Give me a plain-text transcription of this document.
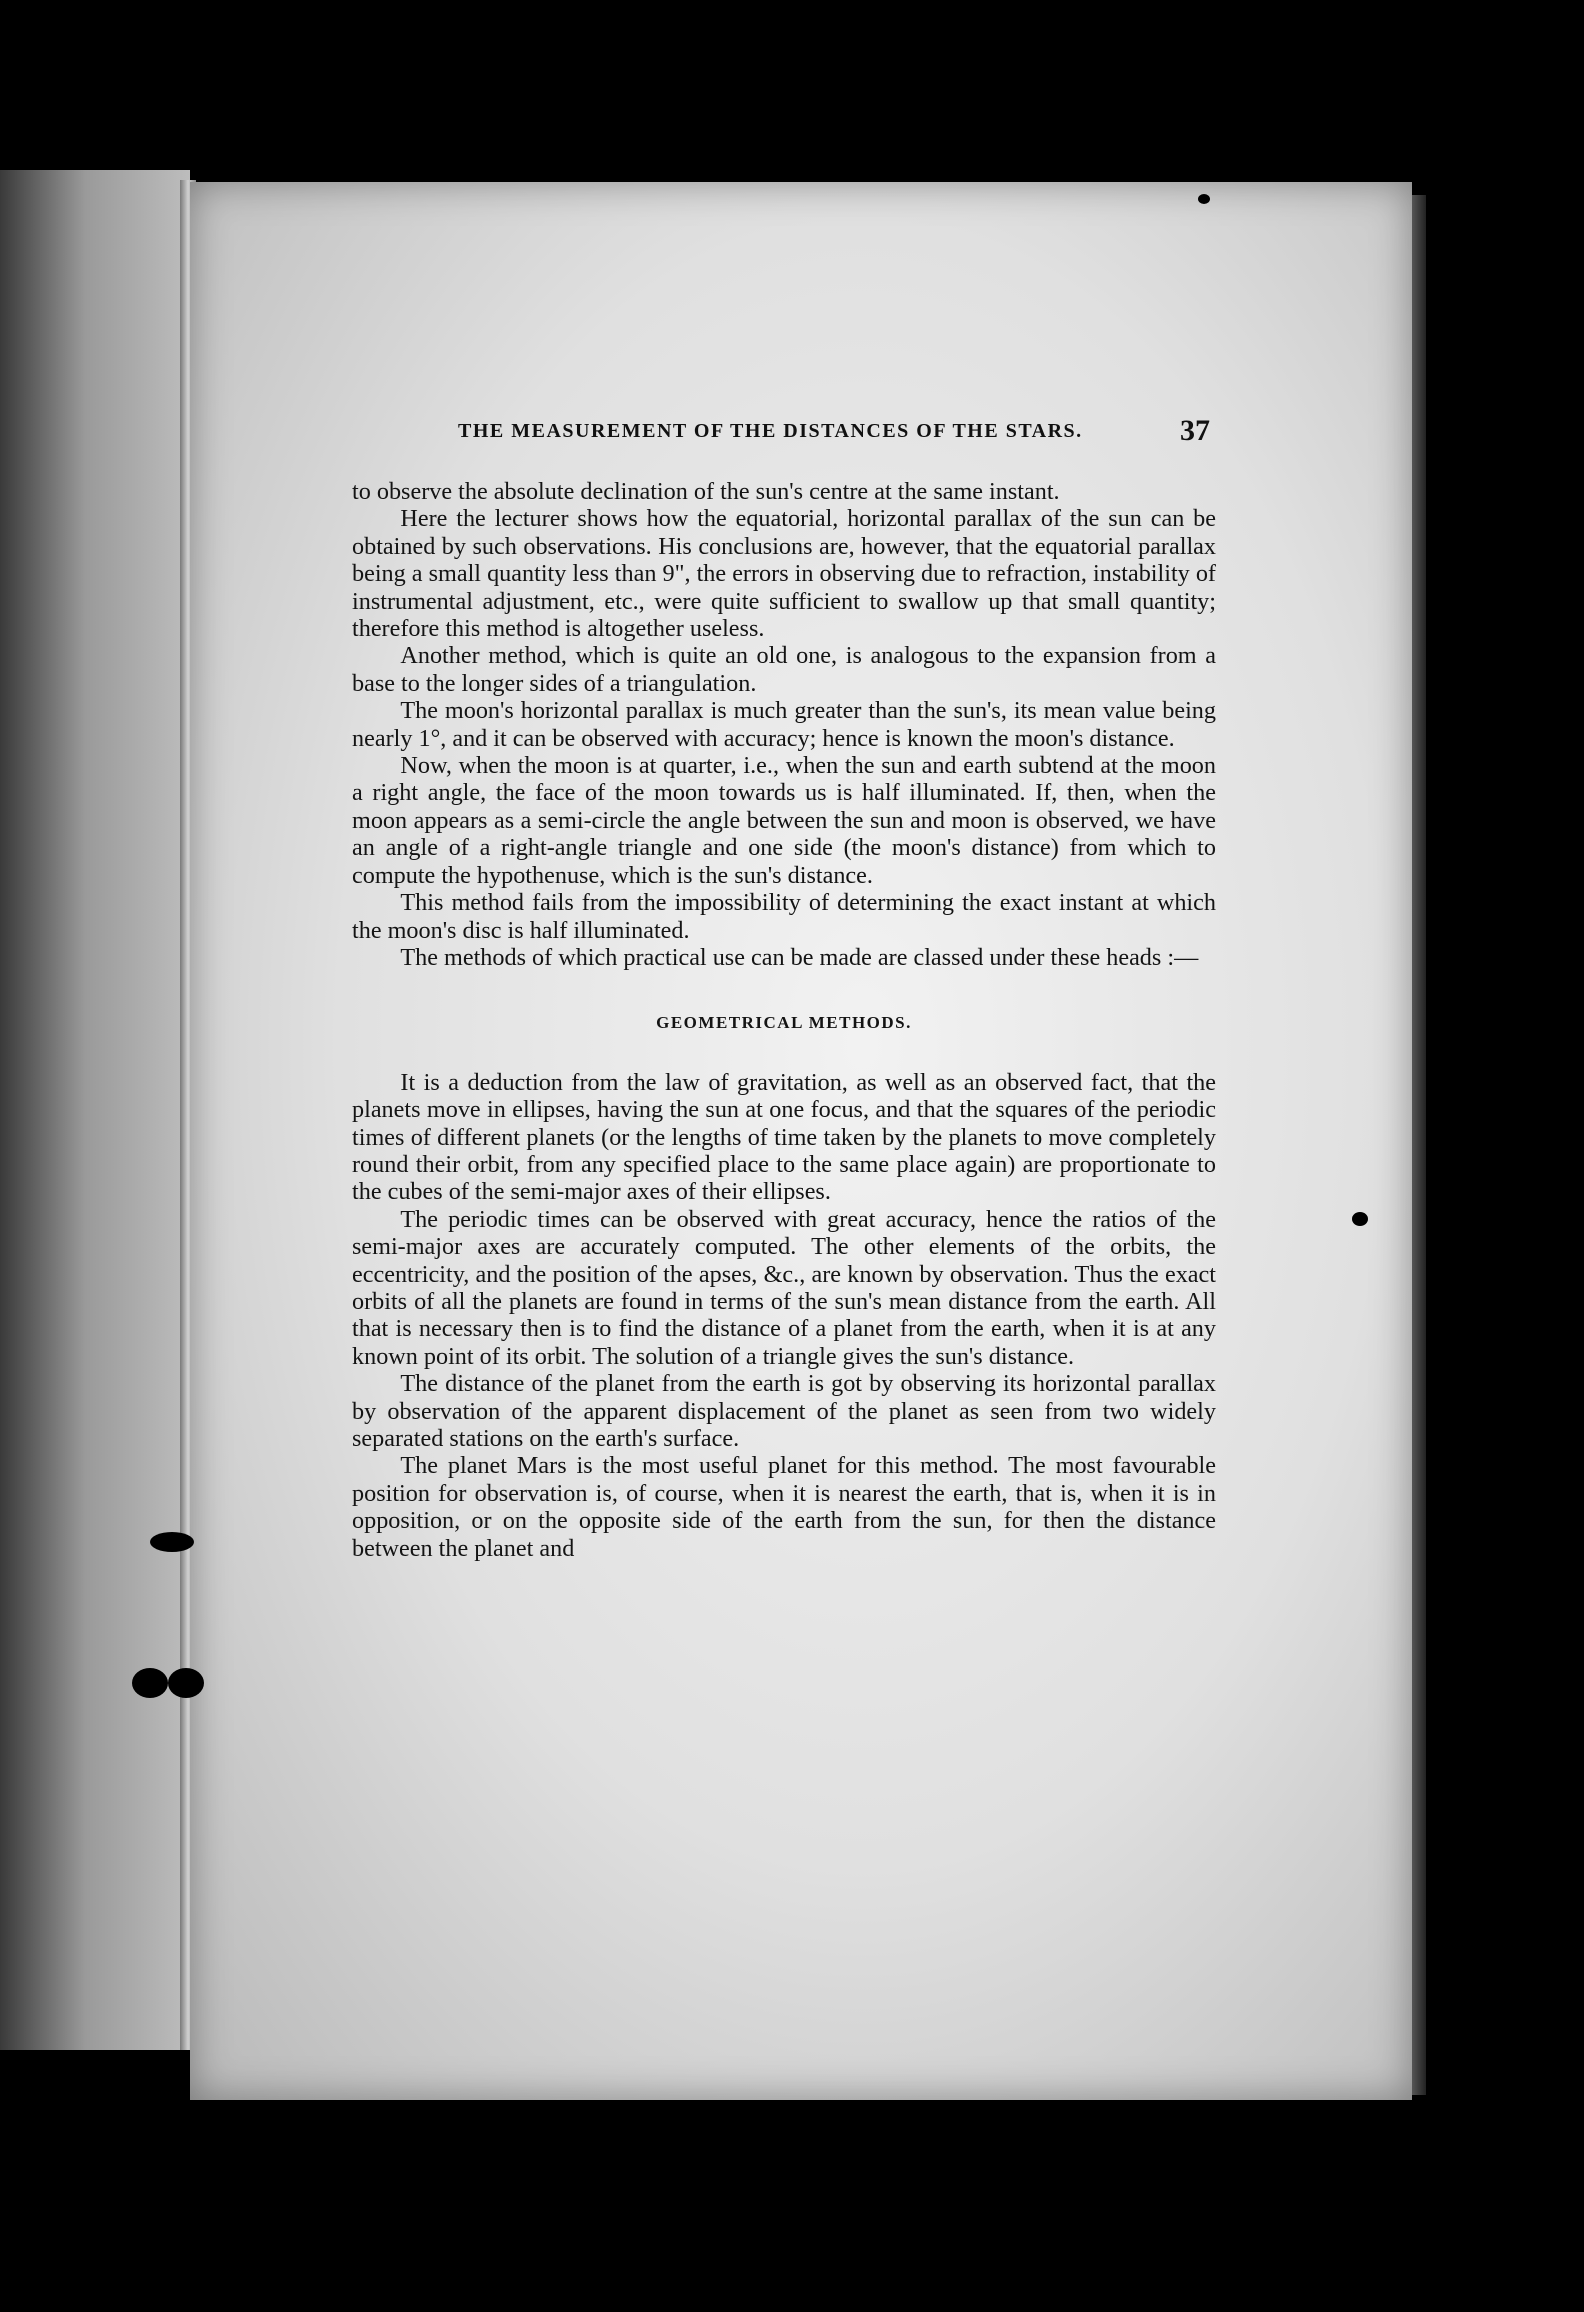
THE MEASUREMENT OF THE DISTANCES OF THE STARS.	37

to observe the absolute declination of the sun's centre at the same instant.

Here the lecturer shows how the equatorial, horizontal parallax of the sun can be obtained by such observations. His conclusions are, however, that the equatorial parallax being a small quantity less than 9", the errors in observing due to refraction, instability of instrumental adjustment, etc., were quite sufficient to swallow up that small quantity; therefore this method is altogether useless.

Another method, which is quite an old one, is analogous to the expansion from a base to the longer sides of a triangulation.

The moon's horizontal parallax is much greater than the sun's, its mean value being nearly 1°, and it can be observed with accuracy; hence is known the moon's distance.

Now, when the moon is at quarter, i.e., when the sun and earth subtend at the moon a right angle, the face of the moon towards us is half illuminated. If, then, when the moon appears as a semi-circle the angle between the sun and moon is observed, we have an angle of a right-angle triangle and one side (the moon's distance) from which to compute the hypothenuse, which is the sun's distance.

This method fails from the impossibility of determining the exact instant at which the moon's disc is half illuminated.

The methods of which practical use can be made are classed under these heads :—

GEOMETRICAL METHODS.

It is a deduction from the law of gravitation, as well as an observed fact, that the planets move in ellipses, having the sun at one focus, and that the squares of the periodic times of different planets (or the lengths of time taken by the planets to move completely round their orbit, from any specified place to the same place again) are proportionate to the cubes of the semi-major axes of their ellipses.

The periodic times can be observed with great accuracy, hence the ratios of the semi-major axes are accurately computed. The other elements of the orbits, the eccentricity, and the position of the apses, &c., are known by observation. Thus the exact orbits of all the planets are found in terms of the sun's mean distance from the earth. All that is necessary then is to find the distance of a planet from the earth, when it is at any known point of its orbit. The solution of a triangle gives the sun's distance.

The distance of the planet from the earth is got by observing its horizontal parallax by observation of the apparent displacement of the planet as seen from two widely separated stations on the earth's surface.

The planet Mars is the most useful planet for this method. The most favourable position for observation is, of course, when it is nearest the earth, that is, when it is in opposition, or on the opposite side of the earth from the sun, for then the distance between the planet and
